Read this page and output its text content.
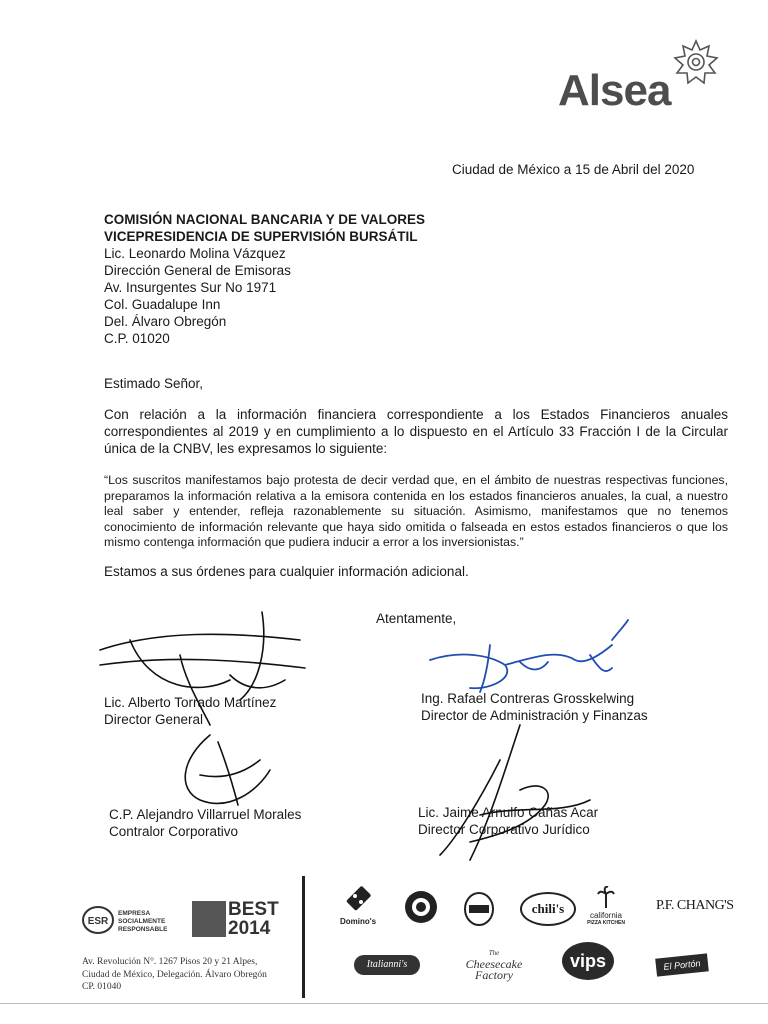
Alsea
Ciudad de México a 15 de Abril del 2020
COMISIÓN NACIONAL BANCARIA Y DE VALORES
VICEPRESIDENCIA DE SUPERVISIÓN BURSÁTIL
Lic. Leonardo Molina Vázquez
Dirección General de Emisoras
Av. Insurgentes Sur No 1971
Col. Guadalupe Inn
Del. Álvaro Obregón
C.P. 01020
Estimado Señor,
Con relación a la información financiera correspondiente a los Estados Financieros anuales correspondientes al 2019 y en cumplimiento a lo dispuesto en el Artículo 33 Fracción I de la Circular única de la CNBV, les expresamos lo siguiente:
“Los suscritos manifestamos bajo protesta de decir verdad que, en el ámbito de nuestras respectivas funciones, preparamos la información relativa a la emisora contenida en los estados financieros anuales, la cual, a nuestro leal saber y entender, refleja razonablemente su situación. Asimismo, manifestamos que no tenemos conocimiento de información relevante que haya sido omitida o falseada en estos estados financieros o que los mismo contenga información que pudiera inducir a error a los inversionistas.”
Estamos a sus órdenes para cualquier información adicional.
Atentamente,
Lic. Alberto Torrado Martínez
Director General
Ing. Rafael Contreras Grosskelwing
Director de Administración y Finanzas
C.P. Alejandro Villarruel Morales
Contralor Corporativo
Lic. Jaime Arnulfo Cañas Acar
Director Corporativo Jurídico
ESR
EMPRESA
SOCIALMENTE
RESPONSABLE
BEST
2014
Av. Revolución N°. 1267 Pisos 20 y 21 Alpes,
Ciudad de México, Delegación. Álvaro Obregón
CP. 01040
Domino's
chili's	california
PIZZA KITCHEN
P.F. CHANG'S
Italianni's
The
Cheesecake
Factory
vips	El Portón
